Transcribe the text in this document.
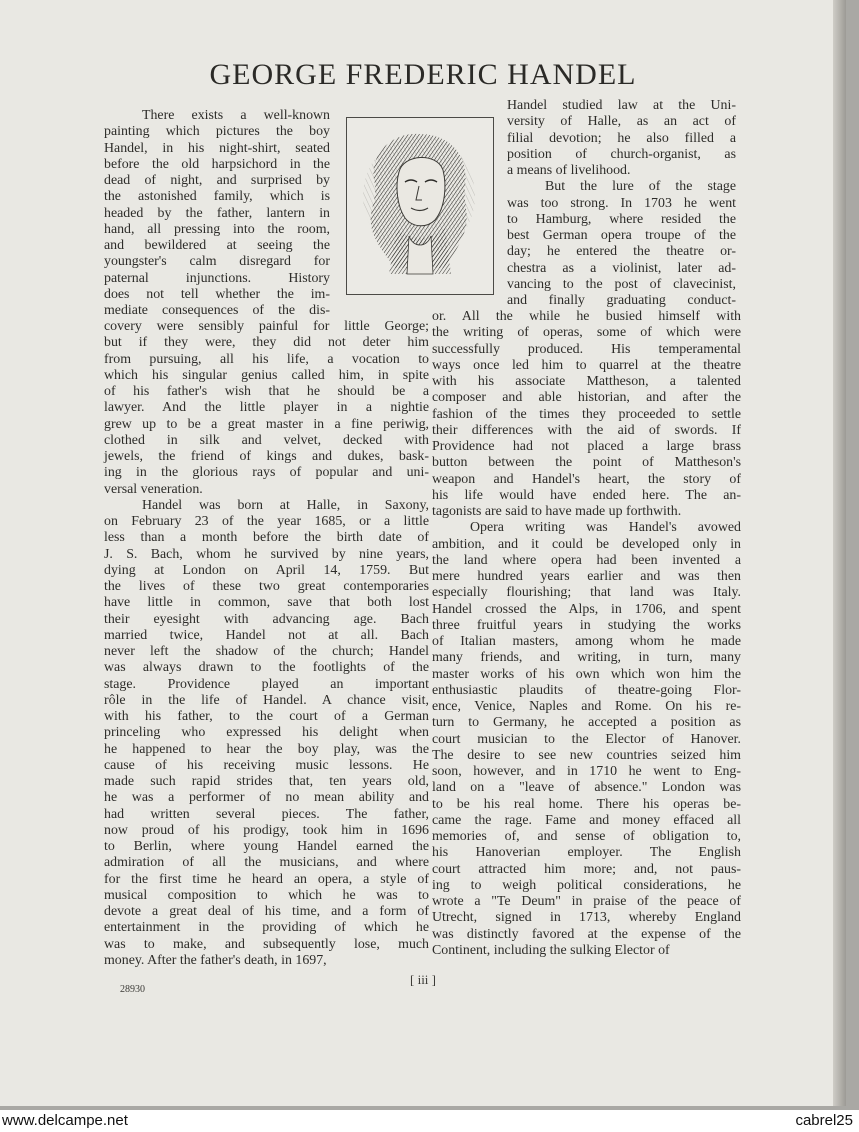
GEORGE FREDERIC HANDEL

There exists a well-known

painting which pictures the boy

Handel, in his night-shirt, seated

before the old harpsichord in the

dead of night, and surprised by

the astonished family, which is

headed by the father, lantern in

hand, all pressing into the room,

and bewildered at seeing the

youngster's calm disregard for

paternal injunctions. History

does not tell whether the im-

mediate consequences of the dis-

covery were sensibly painful for little George;

but if they were, they did not deter him

from pursuing, all his life, a vocation to

which his singular genius called him, in spite

of his father's wish that he should be a

lawyer. And the little player in a nightie

grew up to be a great master in a fine periwig,

clothed in silk and velvet, decked with

jewels, the friend of kings and dukes, bask-

ing in the glorious rays of popular and uni-

versal veneration.

Handel was born at Halle, in Saxony,

on February 23 of the year 1685, or a little

less than a month before the birth date of

J. S. Bach, whom he survived by nine years,

dying at London on April 14, 1759. But

the lives of these two great contemporaries

have little in common, save that both lost

their eyesight with advancing age. Bach

married twice, Handel not at all. Bach

never left the shadow of the church; Handel

was always drawn to the footlights of the

stage. Providence played an important

rôle in the life of Handel. A chance visit,

with his father, to the court of a German

princeling who expressed his delight when

he happened to hear the boy play, was the

cause of his receiving music lessons. He

made such rapid strides that, ten years old,

he was a performer of no mean ability and

had written several pieces. The father,

now proud of his prodigy, took him in 1696

to Berlin, where young Handel earned the

admiration of all the musicians, and where

for the first time he heard an opera, a style of

musical composition to which he was to

devote a great deal of his time, and a form of

entertainment in the providing of which he

was to make, and subsequently lose, much

money. After the father's death, in 1697,

Handel studied law at the Uni-

versity of Halle, as an act of

filial devotion; he also filled a

position of church-organist, as

a means of livelihood.

But the lure of the stage

was too strong. In 1703 he went

to Hamburg, where resided the

best German opera troupe of the

day; he entered the theatre or-

chestra as a violinist, later ad-

vancing to the post of clavecinist,

and finally graduating conduct-

or. All the while he busied himself with

the writing of operas, some of which were

successfully produced. His temperamental

ways once led him to quarrel at the theatre

with his associate Mattheson, a talented

composer and able historian, and after the

fashion of the times they proceeded to settle

their differences with the aid of swords. If

Providence had not placed a large brass

button between the point of Mattheson's

weapon and Handel's heart, the story of

his life would have ended here. The an-

tagonists are said to have made up forthwith.

Opera writing was Handel's avowed

ambition, and it could be developed only in

the land where opera had been invented a

mere hundred years earlier and was then

especially flourishing; that land was Italy.

Handel crossed the Alps, in 1706, and spent

three fruitful years in studying the works

of Italian masters, among whom he made

many friends, and writing, in turn, many

master works of his own which won him the

enthusiastic plaudits of theatre-going Flor-

ence, Venice, Naples and Rome. On his re-

turn to Germany, he accepted a position as

court musician to the Elector of Hanover.

The desire to see new countries seized him

soon, however, and in 1710 he went to Eng-

land on a "leave of absence." London was

to be his real home. There his operas be-

came the rage. Fame and money effaced all

memories of, and sense of obligation to,

his Hanoverian employer. The English

court attracted him more; and, not paus-

ing to weigh political considerations, he

wrote a "Te Deum" in praise of the peace of

Utrecht, signed in 1713, whereby England

was distinctly favored at the expense of the

Continent, including the sulking Elector of

28930
[ iii ]
www.delcampe.net	cabrel25
